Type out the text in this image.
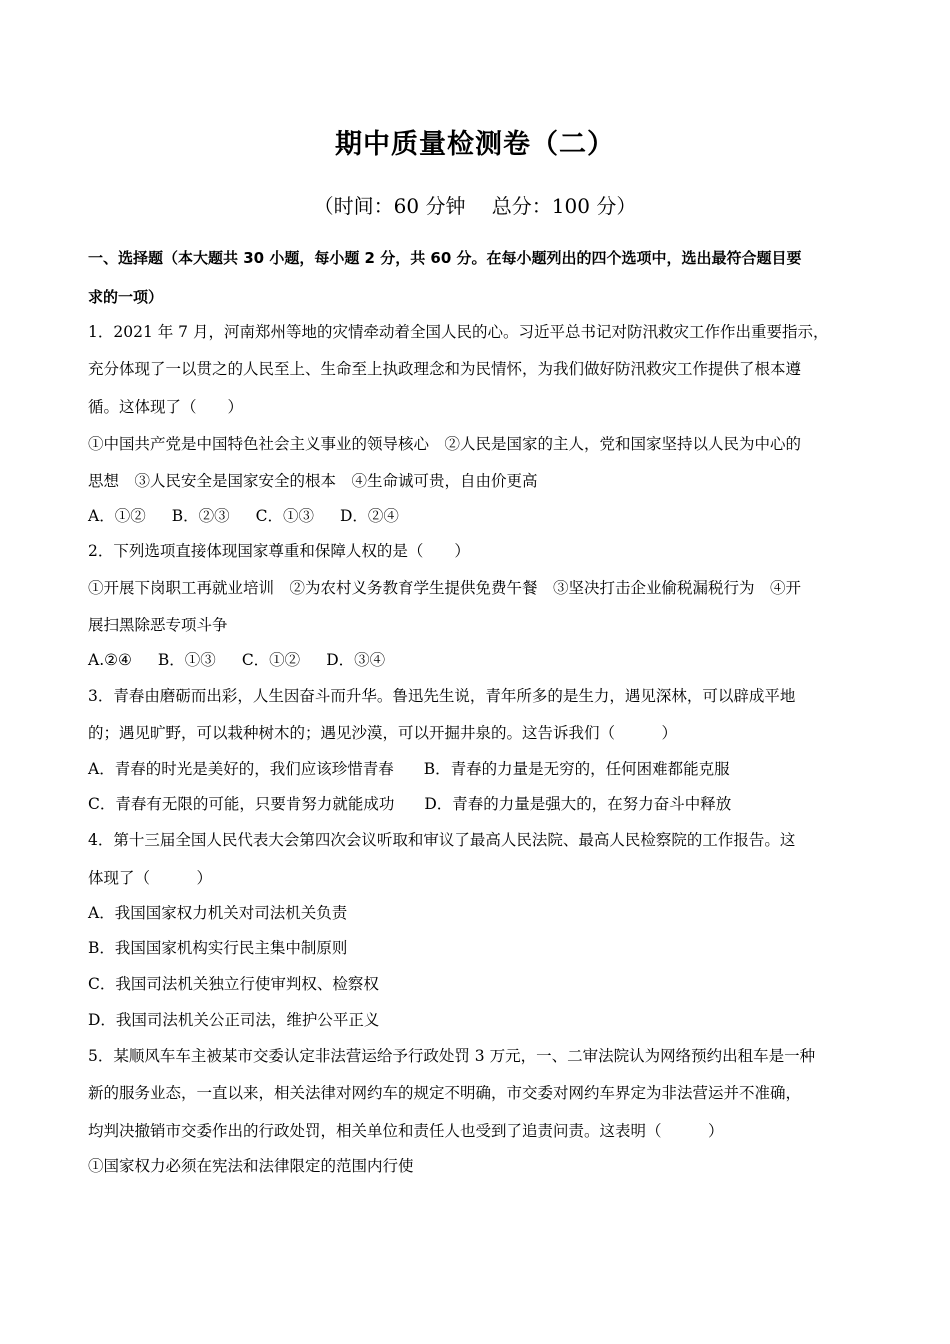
期中质量检测卷（二）
（时间：60 分钟　 总分：100 分）
一、选择题（本大题共 30 小题，每小题 2 分，共 60 分。在每小题列出的四个选项中，选出最符合题目要
求的一项）
1．2021 年 7 月，河南郑州等地的灾情牵动着全国人民的心。习近平总书记对防汛救灾工作作出重要指示，
充分体现了一以贯之的人民至上、生命至上执政理念和为民情怀，为我们做好防汛救灾工作提供了根本遵
循。这体现了（　　）
①中国共产党是中国特色社会主义事业的领导核心　②人民是国家的主人，党和国家坚持以人民为中心的
思想　③人民安全是国家安全的根本　④生命诚可贵，自由价更高
A．①② B．②③ C．①③ D．②④
2．下列选项直接体现国家尊重和保障人权的是（　　）
①开展下岗职工再就业培训　②为农村义务教育学生提供免费午餐　③坚决打击企业偷税漏税行为　④开
展扫黑除恶专项斗争
A.②④ B．①③ C．①② D．③④
3．青春由磨砺而出彩，人生因奋斗而升华。鲁迅先生说，青年所多的是生力，遇见深林，可以辟成平地
的；遇见旷野，可以栽种树木的；遇见沙漠，可以开掘井泉的。这告诉我们（　　　）
A．青春的时光是美好的，我们应该珍惜青春 B．青春的力量是无穷的，任何困难都能克服
C．青春有无限的可能，只要肯努力就能成功 D．青春的力量是强大的，在努力奋斗中释放
4．第十三届全国人民代表大会第四次会议听取和审议了最高人民法院、最高人民检察院的工作报告。这
体现了（　　　）
A．我国国家权力机关对司法机关负责
B．我国国家机构实行民主集中制原则
C．我国司法机关独立行使审判权、检察权
D．我国司法机关公正司法，维护公平正义
5．某顺风车车主被某市交委认定非法营运给予行政处罚 3 万元，一、二审法院认为网络预约出租车是一种
新的服务业态，一直以来，相关法律对网约车的规定不明确，市交委对网约车界定为非法营运并不准确，
均判决撤销市交委作出的行政处罚，相关单位和责任人也受到了追责问责。这表明（　　　）
①国家权力必须在宪法和法律限定的范围内行使
